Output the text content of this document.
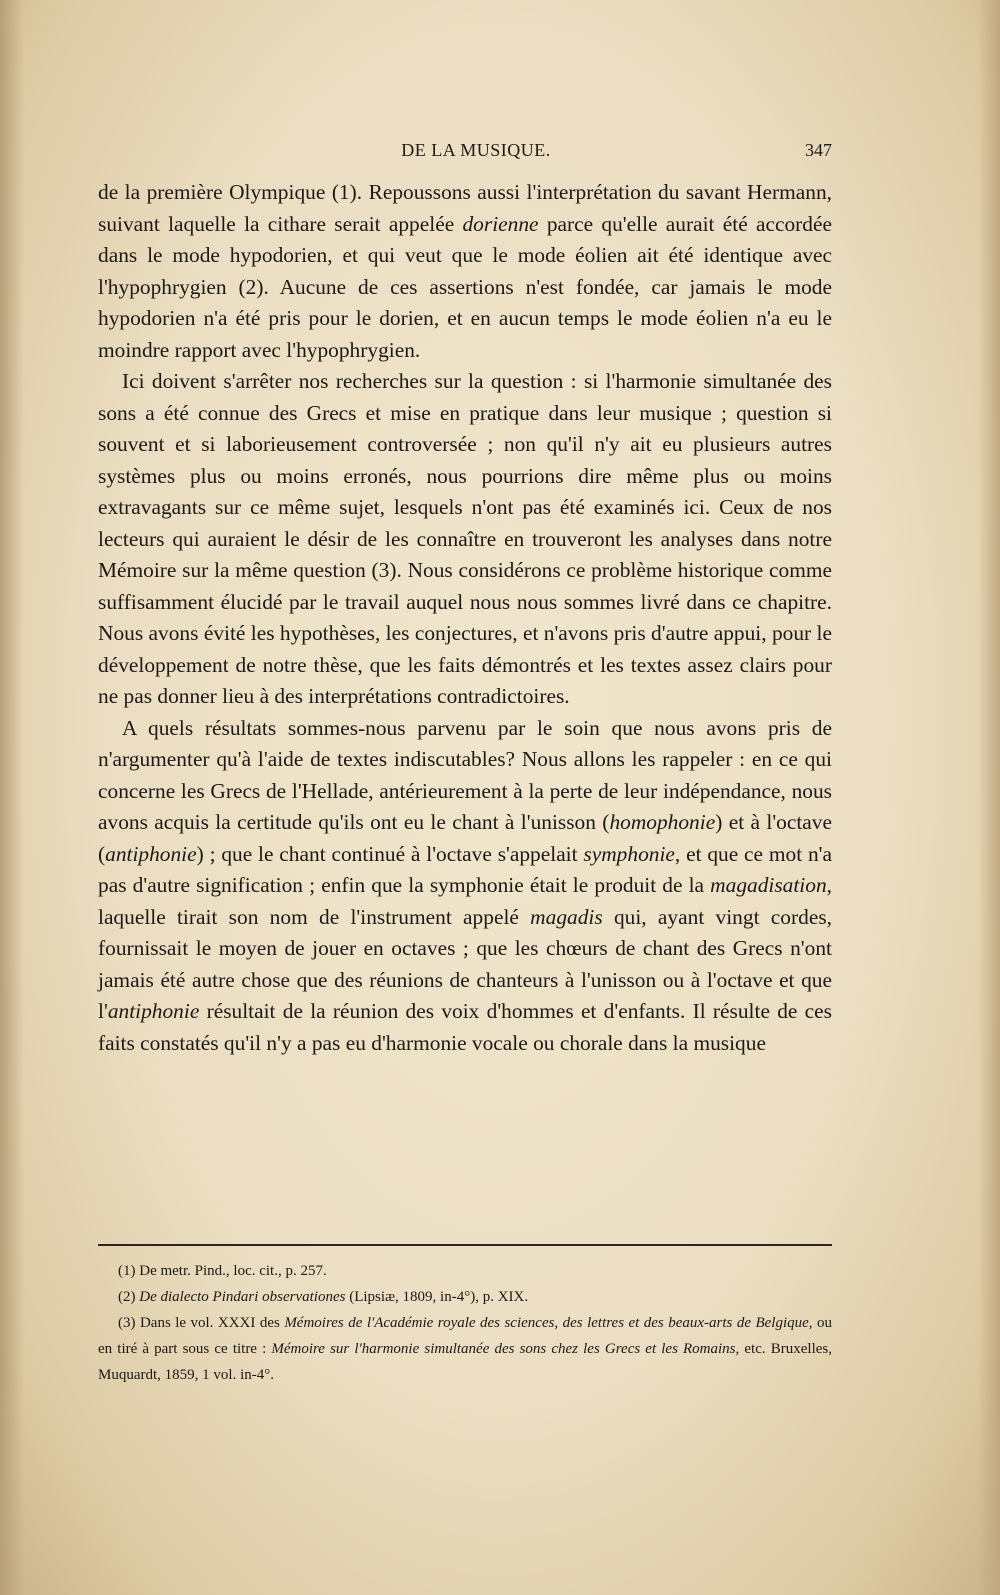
DE LA MUSIQUE.	347

de la première Olympique (1). Repoussons aussi l'interprétation du savant Hermann, suivant laquelle la cithare serait appelée dorienne parce qu'elle aurait été accordée dans le mode hypodorien, et qui veut que le mode éolien ait été identique avec l'hypophrygien (2). Aucune de ces assertions n'est fondée, car jamais le mode hypodorien n'a été pris pour le dorien, et en aucun temps le mode éolien n'a eu le moindre rapport avec l'hypophrygien.

Ici doivent s'arrêter nos recherches sur la question : si l'harmonie simultanée des sons a été connue des Grecs et mise en pratique dans leur musique ; question si souvent et si laborieusement controversée ; non qu'il n'y ait eu plusieurs autres systèmes plus ou moins erronés, nous pourrions dire même plus ou moins extravagants sur ce même sujet, lesquels n'ont pas été examinés ici. Ceux de nos lecteurs qui auraient le désir de les connaître en trouveront les analyses dans notre Mémoire sur la même question (3). Nous considérons ce problème historique comme suffisamment élucidé par le travail auquel nous nous sommes livré dans ce chapitre. Nous avons évité les hypothèses, les conjectures, et n'avons pris d'autre appui, pour le développement de notre thèse, que les faits démontrés et les textes assez clairs pour ne pas donner lieu à des interprétations contradictoires.

A quels résultats sommes-nous parvenu par le soin que nous avons pris de n'argumenter qu'à l'aide de textes indiscutables? Nous allons les rappeler : en ce qui concerne les Grecs de l'Hellade, antérieurement à la perte de leur indépendance, nous avons acquis la certitude qu'ils ont eu le chant à l'unisson (homophonie) et à l'octave (antiphonie) ; que le chant continué à l'octave s'appelait symphonie, et que ce mot n'a pas d'autre signification ; enfin que la symphonie était le produit de la magadisation, laquelle tirait son nom de l'instrument appelé magadis qui, ayant vingt cordes, fournissait le moyen de jouer en octaves ; que les chœurs de chant des Grecs n'ont jamais été autre chose que des réunions de chanteurs à l'unisson ou à l'octave et que l'antiphonie résultait de la réunion des voix d'hommes et d'enfants. Il résulte de ces faits constatés qu'il n'y a pas eu d'harmonie vocale ou chorale dans la musique

(1) De metr. Pind., loc. cit., p. 257.

(2) De dialecto Pindari observationes (Lipsiæ, 1809, in-4°), p. XIX.

(3) Dans le vol. XXXI des Mémoires de l'Académie royale des sciences, des lettres et des beaux-arts de Belgique, ou en tiré à part sous ce titre : Mémoire sur l'harmonie simultanée des sons chez les Grecs et les Romains, etc. Bruxelles, Muquardt, 1859, 1 vol. in-4°.
